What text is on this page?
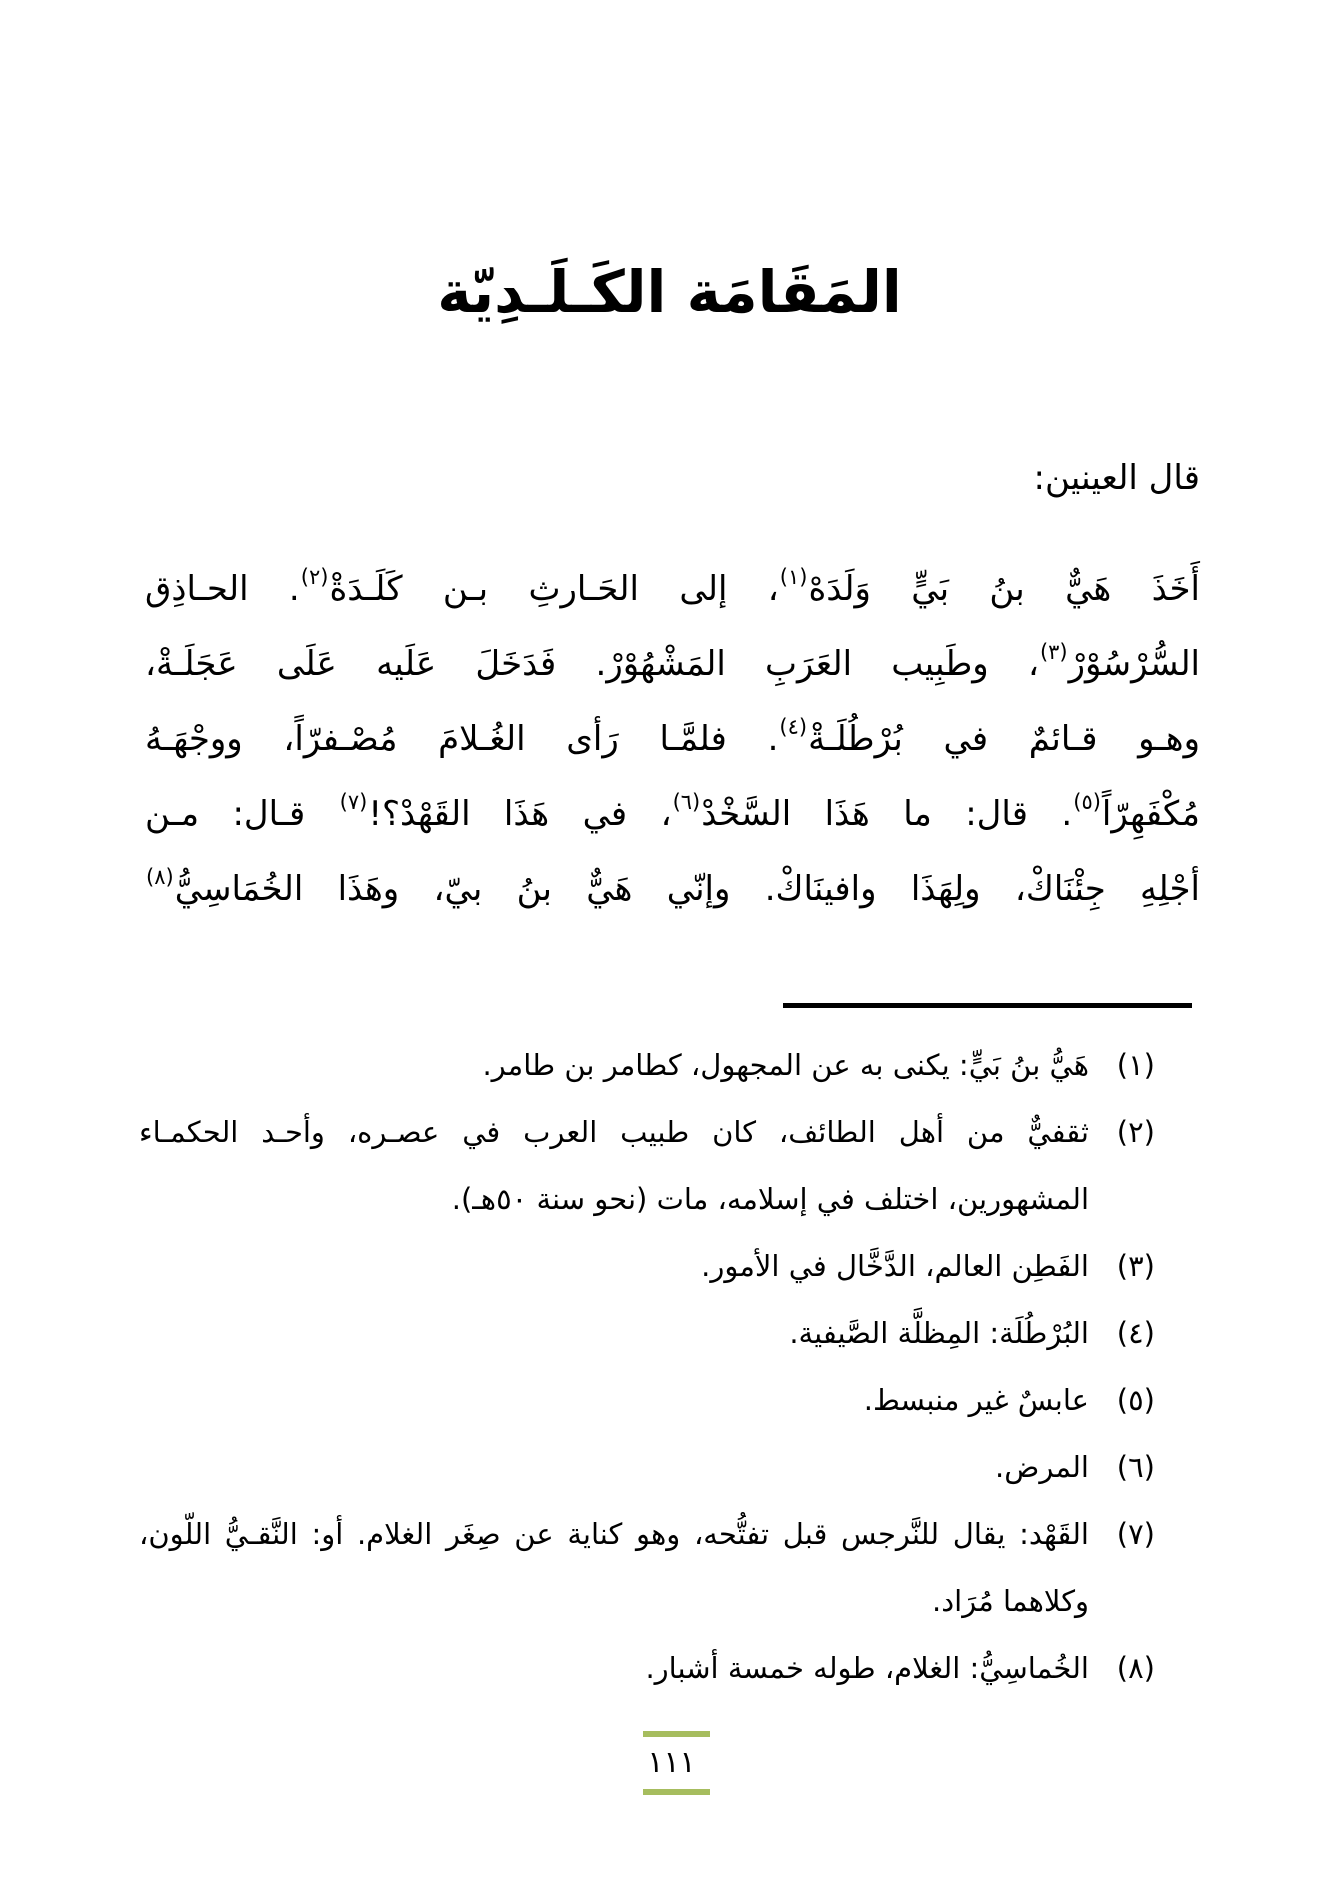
المَقَامَة الكَـلَـدِيّة
قال العينين:
أَخَذَ هَيٌّ بنُ بَيٍّ وَلَدَهْ$^{(١)}$، إلى الحَـارثِ بـن كَلَـدَةْ$^{(٢)}$. الحـاذِق
السُّرْسُوْرْ$^{(٣)}$، وطَبِيب العَرَبِ المَشْهُوْرْ. فَدَخَلَ عَلَيه عَلَى عَجَلَـةْ،
وهـو قـائمٌ في بُرْطُلَـةْ$^{(٤)}$. فلمَّـا رَأى الغُـلامَ مُصْـفرّاً، ووجْهَـهُ
مُكْفَهِرّاً$^{(٥)}$. قال: ما هَذَا السَّخْدْ$^{(٦)}$، في هَذَا القَهْدْ؟!$^{(٧)}$ قـال: مـن
أجْلِهِ جِئْنَاكْ، ولِهَذَا وافينَاكْ. وإنّي هَيٌّ بنُ بيّ، وهَذَا الخُمَاسِيُّ$^{(٨)}$
(١)
هَيُّ بنُ بَيٍّ: يكنى به عن المجهول، كطامر بن طامر.
(٢)
ثقفيٌّ من أهل الطائف، كان طبيب العرب في عصـره، وأحـد الحكمـاء المشهورين، اختلف في إسلامه، مات (نحو سنة ٥٠هـ).
(٣)
الفَطِن العالم، الدَّخَّال في الأمور.
(٤)
البُرْطُلَة: المِظلَّة الصَّيفية.
(٥)
عابسٌ غير منبسط.
(٦)
المرض.
(٧)
القَهْد: يقال للنَّرجس قبل تفتُّحه، وهو كناية عن صِغَر الغلام. أو: النَّقـيُّ اللّون، وكلاهما مُرَاد.
(٨)
الخُماسِيُّ: الغلام، طوله خمسة أشبار.
١١١
